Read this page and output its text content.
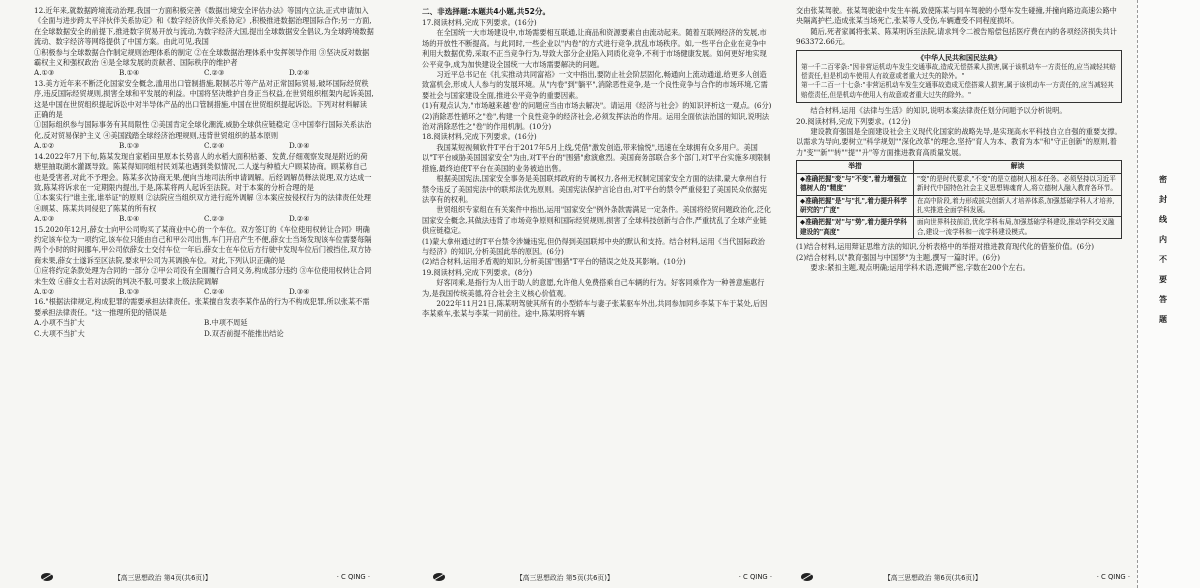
12.近年来,就数据跨境流动治理,我国一方面积极完善《数据出境安全评估办法》等国内立法,正式申请加入《全面与进步跨太平洋伙伴关系协定》和《数字经济伙伴关系协定》,积极推进数据治理国际合作;另一方面,在全球数据安全的前提下,推进数字贸易开放与流动,为数字经济大国,提出全球数据安全倡议,为全球跨境数据流动、数字经济等网络提供了中国方案。由此可见,我国

①积极参与全球数据合作制定规则治理体系的制定 ②在全球数据治理体系中发挥领导作用 ③坚决反对数据霸权主义和强权政治 ④是全球发展的贡献者、国际秩序的维护者

A.①③	B.①④	C.②③	D.②④

13.美方近年来不断泛化国家安全概念,滥用出口管制措施,限制芯片等产品对正常国际贸易,破坏国际经贸秩序,违反国际经贸规则,损害全球和平发展的利益。中国将坚决维护自身正当权益,在世贸组织框架内起诉美国,这是中国在世贸组织提起诉讼中对半导体产品的出口管制措施,中国在世贸组织提起诉讼。下列对材料解读正确的是

①国际组织参与国际事务有其局限性 ②美国肯定全球化潮流,威胁全球供应链稳定 ③中国奉行国际关系法治化,反对贸易保护主义 ④美国践踏全球经济治理规则,违背世贸组织的基本原则

A.①②	B.①③	C.②④	D.③④

14.2022年7月下旬,陈某发现自家稻田里原本长势喜人的水稻大面积枯萎、发黄,仔细观察发现是附近的荷塘里抽取湖水灌溉导致。陈某得知同组村民刘某也遇到类似情况,二人遂与种植大户顾某协商。顾某称自己也是受害者,对此不予理会。陈某多次协商无果,便向当地司法所申请调解。后经调解员释法说理,双方达成一致,陈某将诉求在一定期限内提出,于是,陈某将两人起诉至法院。对于本案的分析合理的是

①本案实行"谁主张,谁举证"的原则 ②法院应当组织双方进行庭外调解 ③本案应按侵权行为的法律责任处理 ④顾某、陈某共同侵犯了陈某的所有权

A.①③	B.①④	C.②③	D.②④

15.2020年12月,薛女士向甲公司购买了某商业中心的一个车位。双方签订的《车位使用权转让合同》明确约定该车位为一项约定,该车位只能由自己和甲公司出售,车门开启产生不便,薛女士当场发现该车位需要每隔两个小时的时间挪车,甲公司依薛女士交付车位一年后,薛女士在车位后方行驶中发现车位后门被挡住,双方协商未果,薛女士遂诉至区法院,要求甲公司为其调换车位。对此,下列认识正确的是

①应将约定条款处理为合同的一部分 ②甲公司没有全面履行合同义务,构成部分违约 ③车位使用权转让合同未生效 ④薛女士若对法院的判决不服,可要求上级法院调解

A.①②	B.①③	C.②④	D.③④

16."根据法律规定,构成犯罪的需要承担法律责任。张某擅自发表李某作品的行为不构成犯罪,所以张某不需要承担法律责任。"这一推理所犯的错误是

A.小项不当扩大	B.中项不周延
C.大项不当扩大	D.双否前提不能推出结论
【高三思想政治 第4页(共6页)】	· C QING ·

二、非选择题:本题共4小题,共52分。

17.阅读材料,完成下列要求。(16分)

在全国统一大市场建设中,市场需要相互联通,让商品和资源要素自由流动起来。随着互联网经济的发展,市场的开放性不断提高。与此同时,一些企业以"内卷"的方式进行竞争,扰乱市场秩序。如,一些平台企业在竞争中利用大数据优势,采取不正当竞争行为,导致大部分企业陷入同质化竞争,不利于市场健康发展。如何更好地实现公平竞争,成为加快建设全国统一大市场需要解决的问题。

习近平总书记在《扎实推动共同富裕》一文中指出,要防止社会阶层固化,畅通向上流动通道,给更多人创造致富机会,形成人人参与的发展环境。从"内卷"到"躺平",消除恶性竞争,是一个良性竞争与合作的市场环境,它需要社会与国家建设全面,推进公平竞争的重要因素。

(1)有观点认为,"市场越来越'卷'的问题应当由市场去解决"。请运用《经济与社会》的知识评析这一观点。(6分)

(2)消除恶性循环之"卷",构建一个良性竞争的经济社会,必须发挥法治的作用。运用全面依法治国的知识,说明法治对消除恶性之"卷"的作用机制。(10分)

18.阅读材料,完成下列要求。(16分)

我国某短视频软件T平台于2017年5月上线,凭借"激发创造,带来愉悦",迅速在全球拥有众多用户。美国以"T平台威胁美国国家安全"为由,对T平台的"围猎"愈演愈烈。美国商务部联合多个部门,对T平台实施多项限制措施,最终迫使T平台在美国的业务被迫出售。

根据美国宪法,国家安全事务是美国联邦政府的专属权力,各州无权制定国家安全方面的法律,蒙大拿州自行禁令违反了美国宪法中的联邦法优先原则。美国宪法保护言论自由,对T平台的禁令严重侵犯了美国民众依据宪法享有的权利。

世贸组织专家组在有关案件中指出,运用"国家安全"例外条款需满足一定条件。美国将经贸问题政治化,泛化国家安全概念,其做法违背了市场竞争原则和国际经贸规则,损害了全球科技创新与合作,严重扰乱了全球产业链供应链稳定。

(1)蒙大拿州通过的T平台禁令涉嫌违宪,但仍得到美国联邦中央的默认和支持。结合材料,运用《当代国际政治与经济》的知识,分析美国此举的原因。(6分)

(2)结合材料,运用矛盾观的知识,分析美国"围猎"T平台的错误之处及其影响。(10分)

19.阅读材料,完成下列要求。(8分)

好客同乘,是指行为人出于助人的意愿,允许他人免费搭乘自己车辆的行为。好客同乘作为一种善意施惠行为,是我国传统美德,符合社会主义核心价值观。

2022年11月21日,陈某明驾驶其所有的小型轿车与妻子张某驱车外出,共同参加同乡李某下车于某处,后因李某乘车,张某与李某一同前往。途中,陈某明将车辆

【高三思想政治 第5页(共6页)】	· C QING ·

交由张某驾驶。张某驾驶途中发生车祸,致使陈某与同车驾驶的小型车发生碰撞,并撞向路边高速公路中央隔离护栏,造成张某当场死亡,张某等人受伤,车辆遭受不同程度损坏。

随后,死者家属将张某、陈某明诉至法院,请求判令二被告赔偿包括医疗费在内的各项经济损失共计963372.66元。

《中华人民共和国民法典》

第一千二百零条:"因非营运机动车发生交通事故,造成无偿搭乘人损害,属于该机动车一方责任的,应当减轻其赔偿责任,但是机动车使用人有故意或者重大过失的除外。"

第一千二百一十七条:"非营运机动车发生交通事故造成无偿搭乘人损害,属于该机动车一方责任的,应当减轻其赔偿责任,但是机动车使用人有故意或者重大过失的除外。"

结合材料,运用《法律与生活》的知识,说明本案法律责任划分问题予以分析说明。

20.阅读材料,完成下列要求。(12分)

建设教育强国是全面建设社会主义现代化国家的战略先导,是实现高水平科技自立自强的重要支撑。以需求为导向,要树立"科学规划""深化改革"的理念,坚持"育人为本、教育为本"和"守正创新"的原则,着力"变""新""转""提""升"等方面推进教育高质量发展。

举措	解读
◆准确把握"变"与"不变",着力增强立德树人的"精度"	"变"的是时代要求,"不变"的是立德树人根本任务。必须坚持以习近平新时代中国特色社会主义思想铸魂育人,将立德树人融入教育各环节。
◆准确把握"是"与"扎",着力提升科学研究的"广度"	在高中阶段,着力形成拔尖创新人才培养体系,加强基础学科人才培养,扎实推进全面学科发展。
◆准确把握"对"与"势",着力提升学科建设的"高度"	面向世界科技前沿,优化学科布局,加强基础学科建设,推动学科交叉融合,建设一流学科和一流学科建设模式。

(1)结合材料,运用辩证思维方法的知识,分析表格中的举措对推进教育现代化的借鉴价值。(6分)

(2)结合材料,以"教育强国与中国梦"为主题,撰写一篇时评。(6分)

要求:紧扣主题,观点明确;运用学科术语,逻辑严密,字数在200个左右。

【高三思想政治 第6页(共6页)】	· C QING ·
密
封
线
内
不
要
答
题
